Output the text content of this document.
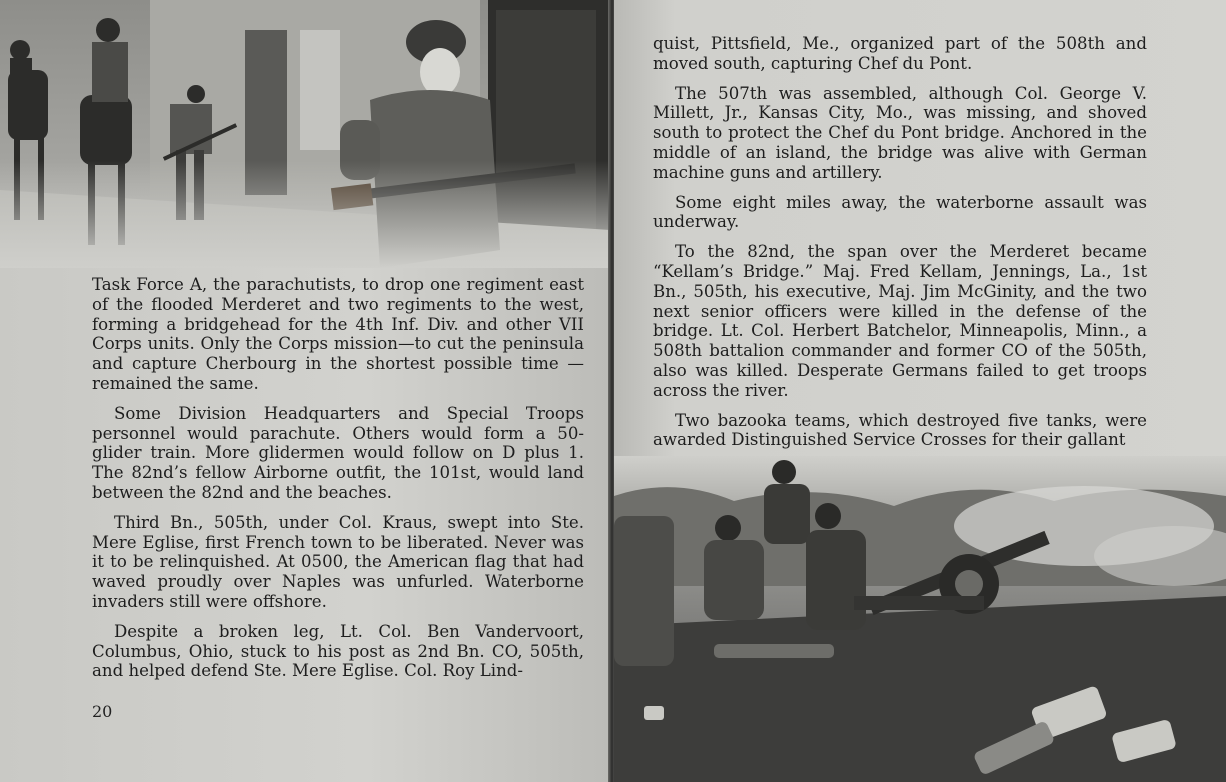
Task Force A, the parachutists, to drop one regiment east of the flooded Merderet and two regiments to the west, forming a bridgehead for the 4th Inf. Div. and other VII Corps units. Only the Corps mission—to cut the peninsula and capture Cherbourg in the shortest possible time —remained the same.

Some Division Headquarters and Special Troops personnel would parachute. Others would form a 50-glider train. More glidermen would follow on D plus 1. The 82nd’s fellow Airborne outfit, the 101st, would land between the 82nd and the beaches.

Third Bn., 505th, under Col. Kraus, swept into Ste. Mere Eglise, first French town to be liberated. Never was it to be relinquished. At 0500, the American flag that had waved proudly over Naples was unfurled. Waterborne invaders still were offshore.

Despite a broken leg, Lt. Col. Ben Vandervoort, Columbus, Ohio, stuck to his post as 2nd Bn. CO, 505th, and helped defend Ste. Mere Eglise. Col. Roy Lind-

20

quist, Pittsfield, Me., organized part of the 508th and moved south, capturing Chef du Pont.

The 507th was assembled, although Col. George V. Millett, Jr., Kansas City, Mo., was missing, and shoved south to protect the Chef du Pont bridge. Anchored in the middle of an island, the bridge was alive with German machine guns and artillery.

Some eight miles away, the waterborne assault was underway.

To the 82nd, the span over the Merderet became “Kellam’s Bridge.” Maj. Fred Kellam, Jennings, La., 1st Bn., 505th, his executive, Maj. Jim McGinity, and the two next senior officers were killed in the defense of the bridge. Lt. Col. Herbert Batchelor, Minneapolis, Minn., a 508th battalion commander and former CO of the 505th, also was killed. Desperate Germans failed to get troops across the river.

Two bazooka teams, which destroyed five tanks, were awarded Distinguished Service Crosses for their gallant
